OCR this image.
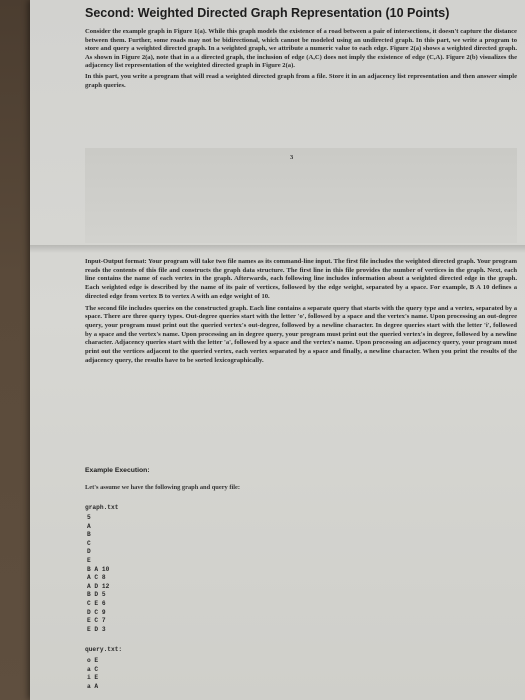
Second: Weighted Directed Graph Representation (10 Points)

Consider the example graph in Figure 1(a). While this graph models the existence of a road between a pair of intersections, it doesn't capture the distance between them. Further, some roads may not be bidirectional, which cannot be modeled using an undirected graph. In this part, we write a program to store and query a weighted directed graph. In a weighted graph, we attribute a numeric value to each edge. Figure 2(a) shows a weighted directed graph. As shown in Figure 2(a), note that in a a directed graph, the inclusion of edge (A,C) does not imply the existence of edge (C,A). Figure 2(b) visualizes the adjacency list representation of the weighted directed graph in Figure 2(a).

In this part, you write a program that will read a weighted directed graph from a file. Store it in an adjacency list representation and then answer simple graph queries.

3

Input-Output format: Your program will take two file names as its command-line input. The first file includes the weighted directed graph. Your program reads the contents of this file and constructs the graph data structure. The first line in this file provides the number of vertices in the graph. Next, each line contains the name of each vertex in the graph. Afterwards, each following line includes information about a weighted directed edge in the graph. Each weighted edge is described by the name of its pair of vertices, followed by the edge weight, separated by a space. For example, B A 10 defines a directed edge from vertex B to vertex A with an edge weight of 10.

The second file includes queries on the constructed graph. Each line contains a separate query that starts with the query type and a vertex, separated by a space. There are three query types. Out-degree queries start with the letter 'o', followed by a space and the vertex's name. Upon processing an out-degree query, your program must print out the queried vertex's out-degree, followed by a newline character. In degree queries start with the letter 'i', followed by a space and the vertex's name. Upon processing an in degree query, your program must print out the queried vertex's in degree, followed by a newline character. Adjacency queries start with the letter 'a', followed by a space and the vertex's name. Upon processing an adjacency query, your program must print out the vertices adjacent to the queried vertex, each vertex separated by a space and finally, a newline character. When you print the results of the adjacency query, the results have to be sorted lexicographically.

Example Execution:
Let's assume we have the following graph and query file:
graph.txt
5
A
B
C
D
E
B A 10
A C 8
A D 12
B D 5
C E 6
D C 9
E C 7
E D 3
query.txt:
o E
a C
i E
a A
